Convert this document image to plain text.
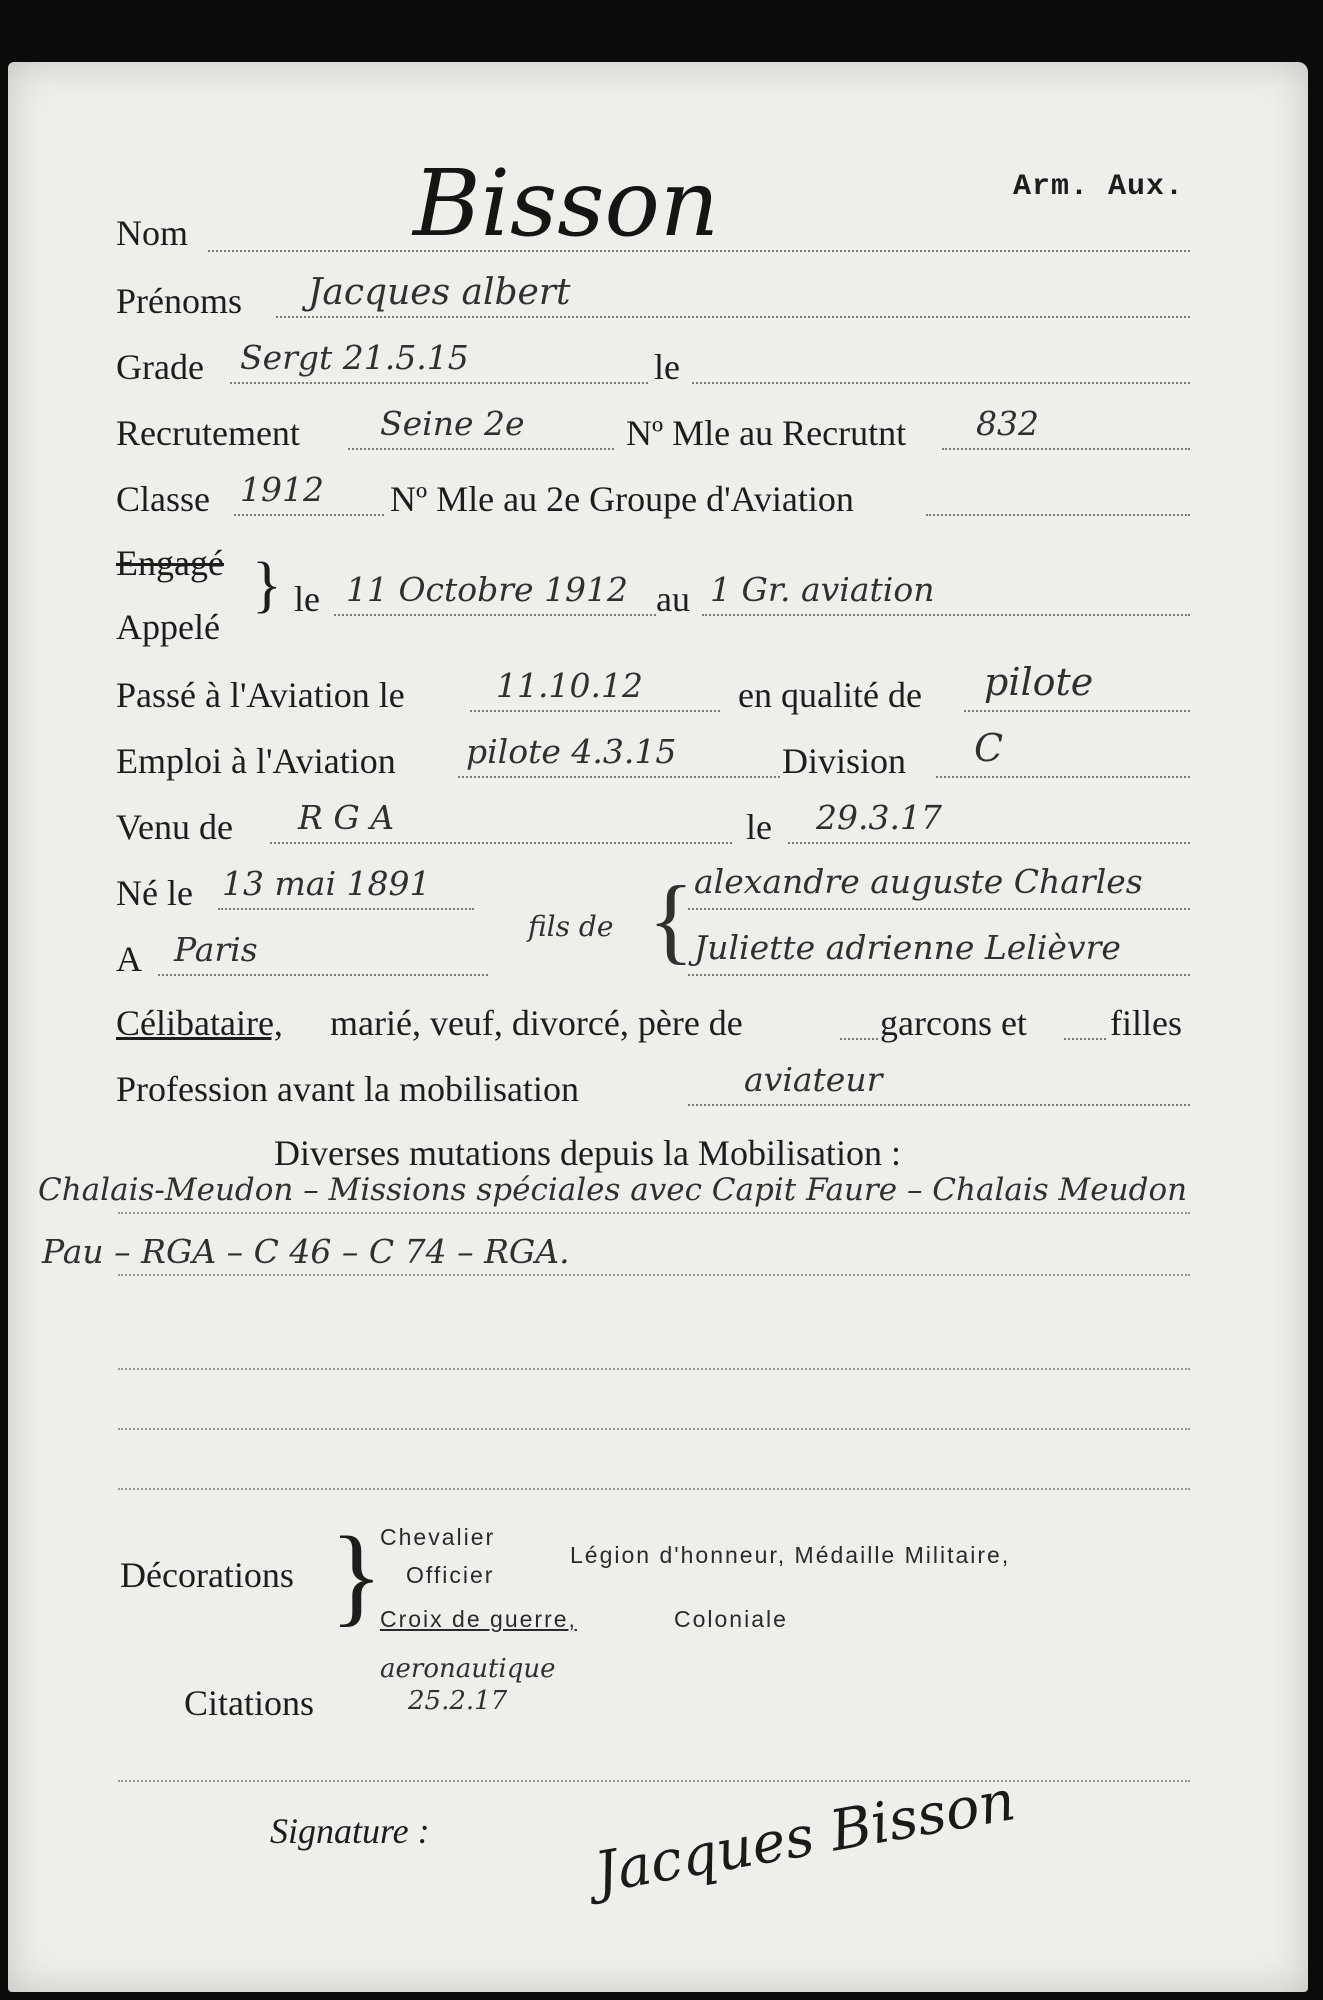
Arm. Aux.
Nom Bisson
Prénoms Jacques albert
Grade Sergt 21.5.15	le
Recrutement Seine 2e	Nº Mle au Recrutnt 832
Classe 1912 Nº Mle au 2e Groupe d'Aviation
Engagé
Appelé
} le 11 Octobre 1912 au 1 Gr. aviation
Passé à l'Aviation le	11.10.12	en qualité de pilote
Emploi à l'Aviation pilote 4.3.15	Division C
Venu de R G A	le 29.3.17
Né le 13 mai 1891
A Paris
fils de { alexandre auguste Charles
Juliette adrienne Lelièvre
Célibataire, marié, veuf, divorcé, père de	garcons et filles
Profession avant la mobilisation	aviateur
Diverses mutations depuis la Mobilisation :
Chalais-Meudon – Missions spéciales avec Capit Faure – Chalais Meudon
Pau – RGA – C 46 – C 74 – RGA.
Décorations }
Chevalier
Officier
Légion d'honneur, Médaille Militaire,
Croix de guerre,	Coloniale
aeronautique
Citations	25.2.17
Signature :	Jacques Bisson
